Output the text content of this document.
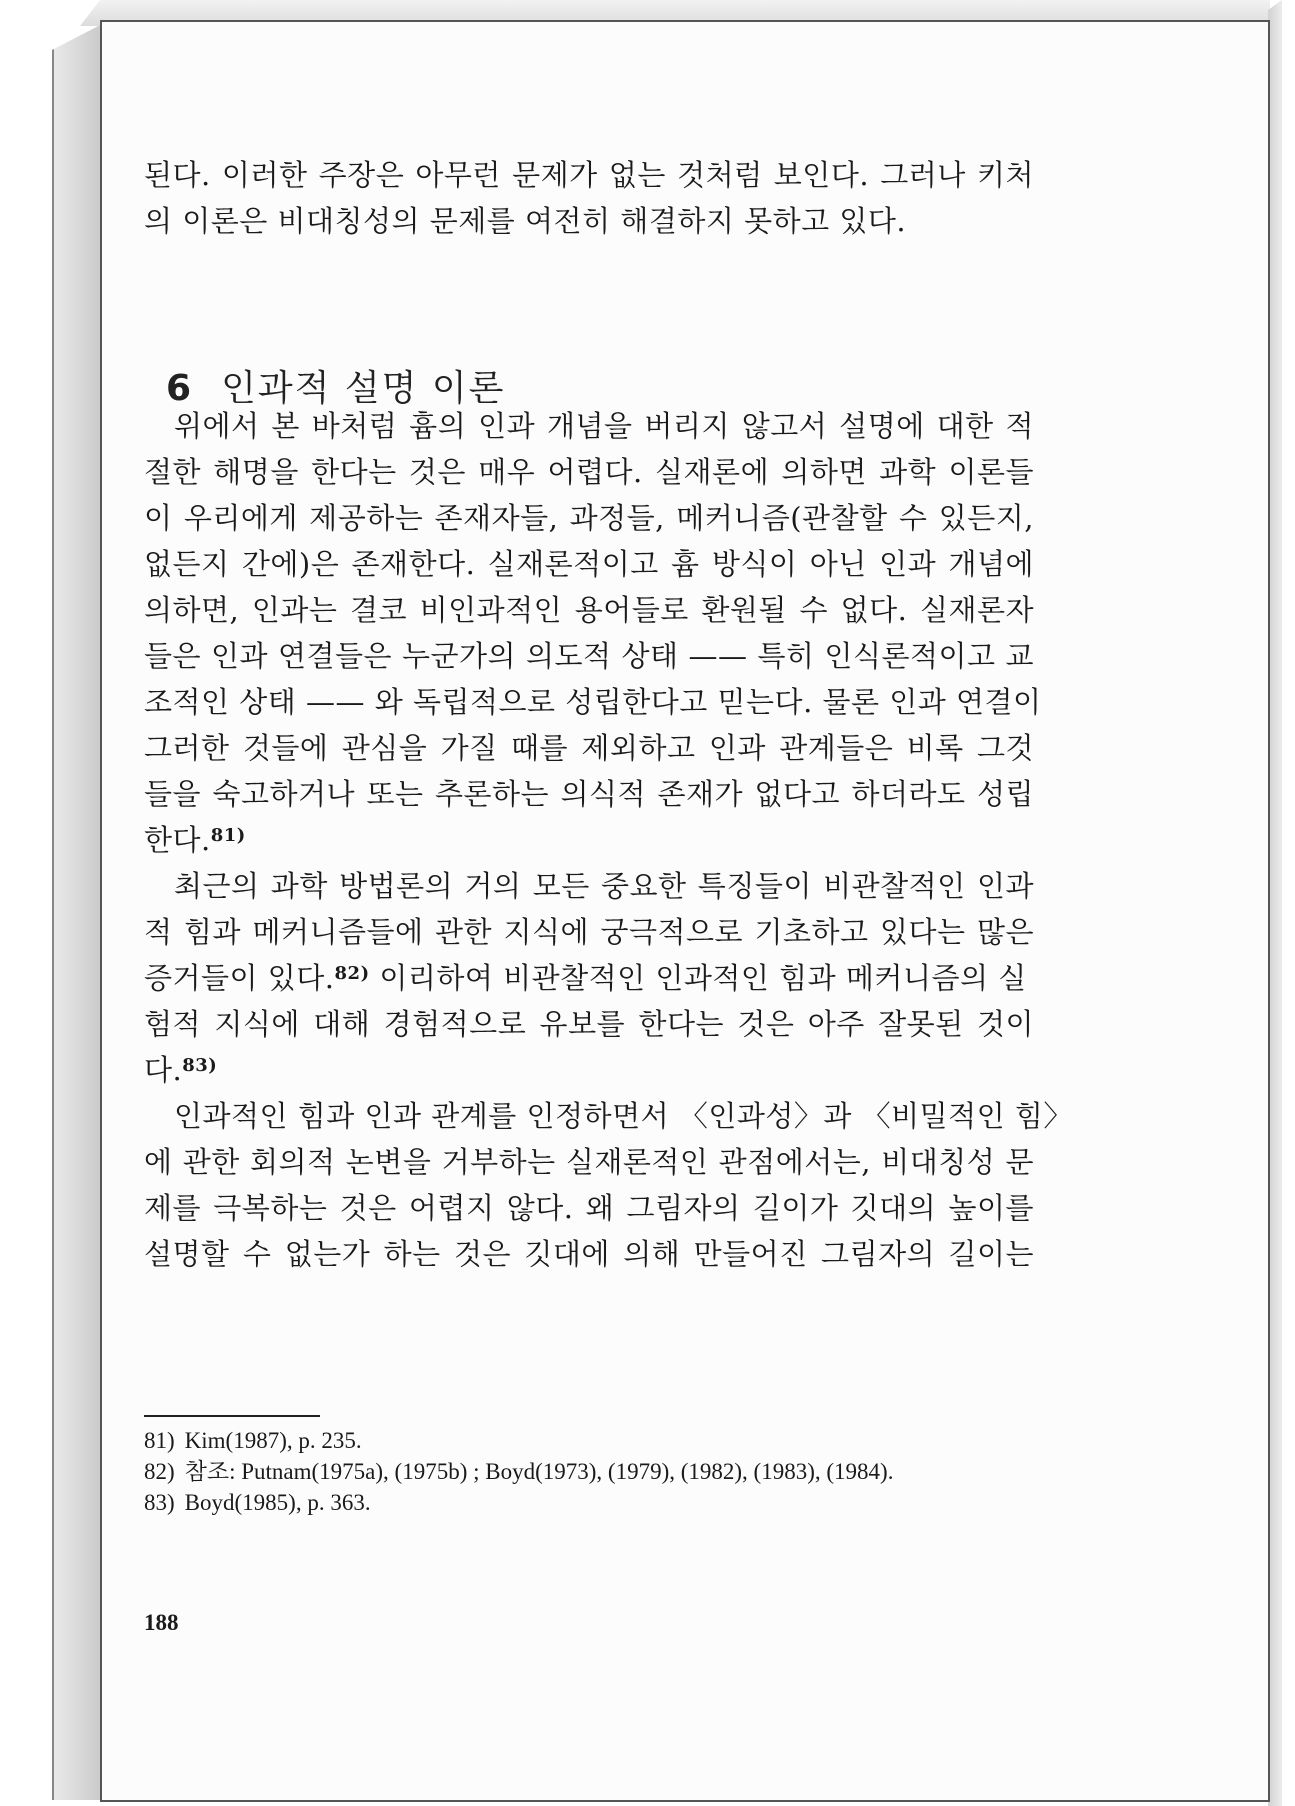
된다. 이러한 주장은 아무런 문제가 없는 것처럼 보인다. 그러나 키처
의 이론은 비대칭성의 문제를 여전히 해결하지 못하고 있다.
6 인과적 설명 이론
위에서 본 바처럼 흄의 인과 개념을 버리지 않고서 설명에 대한 적
절한 해명을 한다는 것은 매우 어렵다. 실재론에 의하면 과학 이론들
이 우리에게 제공하는 존재자들, 과정들, 메커니즘(관찰할 수 있든지,
없든지 간에)은 존재한다. 실재론적이고 흄 방식이 아닌 인과 개념에
의하면, 인과는 결코 비인과적인 용어들로 환원될 수 없다. 실재론자
들은 인과 연결들은 누군가의 의도적 상태 —— 특히 인식론적이고 교
조적인 상태 —— 와 독립적으로 성립한다고 믿는다. 물론 인과 연결이
그러한 것들에 관심을 가질 때를 제외하고 인과 관계들은 비록 그것
들을 숙고하거나 또는 추론하는 의식적 존재가 없다고 하더라도 성립
한다.$^{81)}$
최근의 과학 방법론의 거의 모든 중요한 특징들이 비관찰적인 인과
적 힘과 메커니즘들에 관한 지식에 궁극적으로 기초하고 있다는 많은
증거들이 있다.$^{82)}$ 이리하여 비관찰적인 인과적인 힘과 메커니즘의 실
험적 지식에 대해 경험적으로 유보를 한다는 것은 아주 잘못된 것이
다.$^{83)}$
인과적인 힘과 인과 관계를 인정하면서 〈인과성〉과 〈비밀적인 힘〉
에 관한 회의적 논변을 거부하는 실재론적인 관점에서는, 비대칭성 문
제를 극복하는 것은 어렵지 않다. 왜 그림자의 길이가 깃대의 높이를
설명할 수 없는가 하는 것은 깃대에 의해 만들어진 그림자의 길이는
81) Kim(1987), p. 235.
82) 참조: Putnam(1975a), (1975b) ; Boyd(1973), (1979), (1982), (1983), (1984).
83) Boyd(1985), p. 363.
188
